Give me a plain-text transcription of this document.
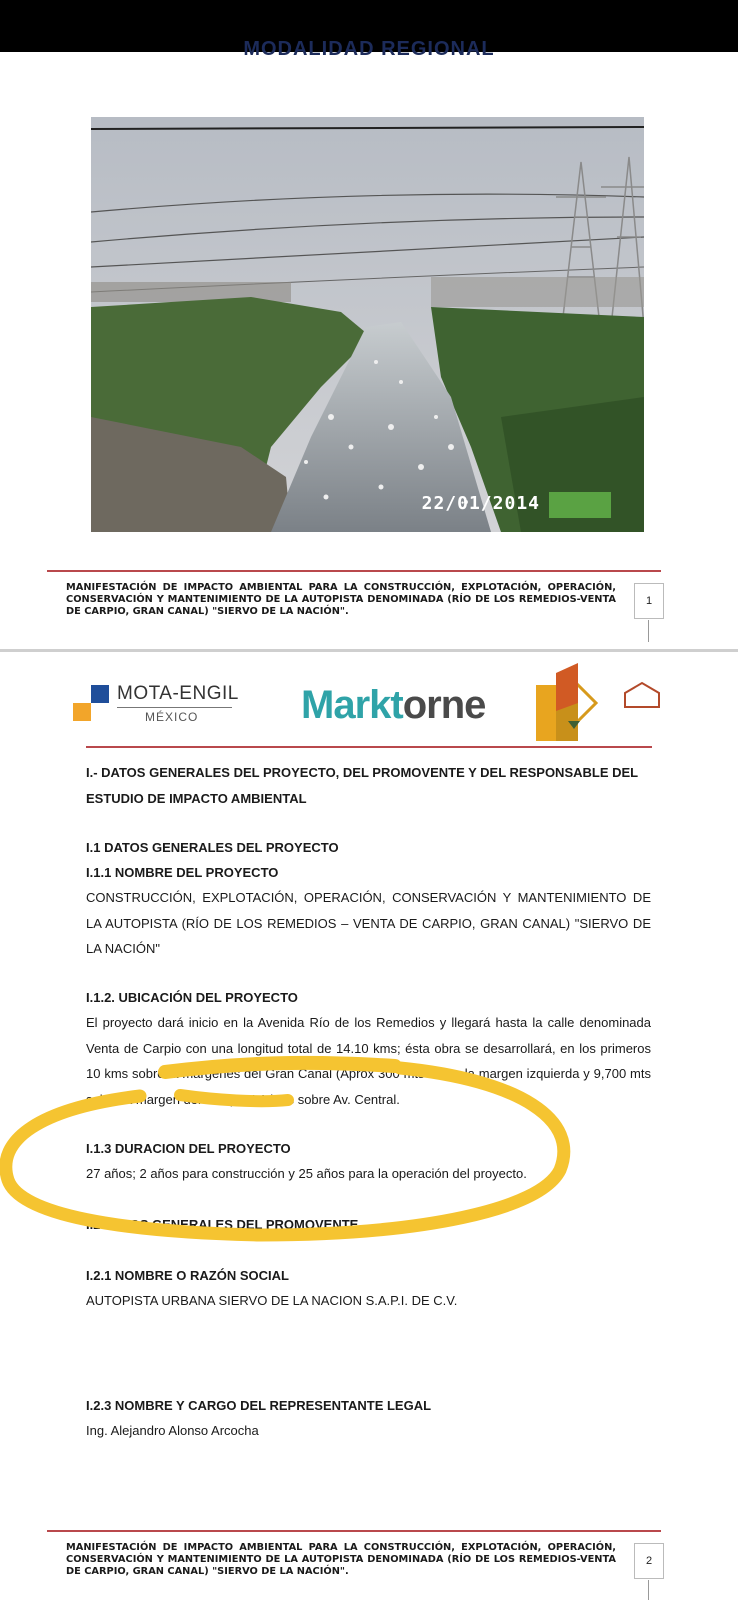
MODALIDAD REGIONAL
22/01/2014
MANIFESTACIÓN DE IMPACTO AMBIENTAL PARA LA CONSTRUCCIÓN, EXPLOTACIÓN, OPERACIÓN, CONSERVACIÓN Y MANTENIMIENTO DE LA AUTOPISTA DENOMINADA (RÍO DE LOS REMEDIOS-VENTA DE CARPIO, GRAN CANAL) "SIERVO DE LA NACIÓN".
1
MOTA-ENGIL
MÉXICO	Marktorne
I.- DATOS GENERALES DEL PROYECTO, DEL PROMOVENTE Y DEL RESPONSABLE DEL ESTUDIO DE IMPACTO AMBIENTAL
I.1 DATOS GENERALES DEL PROYECTO
I.1.1 NOMBRE DEL PROYECTO
CONSTRUCCIÓN, EXPLOTACIÓN, OPERACIÓN, CONSERVACIÓN Y MANTENIMIENTO DE LA AUTOPISTA (RÍO DE LOS REMEDIOS – VENTA DE CARPIO, GRAN CANAL) "SIERVO DE LA NACIÓN"
I.1.2. UBICACIÓN DEL PROYECTO
El proyecto dará inicio en la Avenida Río de los Remedios y llegará hasta la calle denominada Venta de Carpio con una longitud total de 14.10 kms; ésta obra se desarrollará, en los primeros 10 kms sobre la márgenes del Gran Canal (Aprox 300 mts sobre la margen izquierda y 9,700 mts sobre la margen derecha) y 4.1 kms sobre Av. Central.
I.1.3 DURACION DEL PROYECTO
27 años; 2 años para construcción y 25 años para la operación del proyecto.
I.2 DATOS GENERALES DEL PROMOVENTE
I.2.1 NOMBRE O RAZÓN SOCIAL
AUTOPISTA URBANA SIERVO DE LA NACION S.A.P.I. DE C.V.
I.2.3 NOMBRE Y CARGO DEL REPRESENTANTE LEGAL
Ing. Alejandro Alonso Arcocha
MANIFESTACIÓN DE IMPACTO AMBIENTAL PARA LA CONSTRUCCIÓN, EXPLOTACIÓN, OPERACIÓN, CONSERVACIÓN Y MANTENIMIENTO DE LA AUTOPISTA DENOMINADA (RÍO DE LOS REMEDIOS-VENTA DE CARPIO, GRAN CANAL) "SIERVO DE LA NACIÓN".
2
